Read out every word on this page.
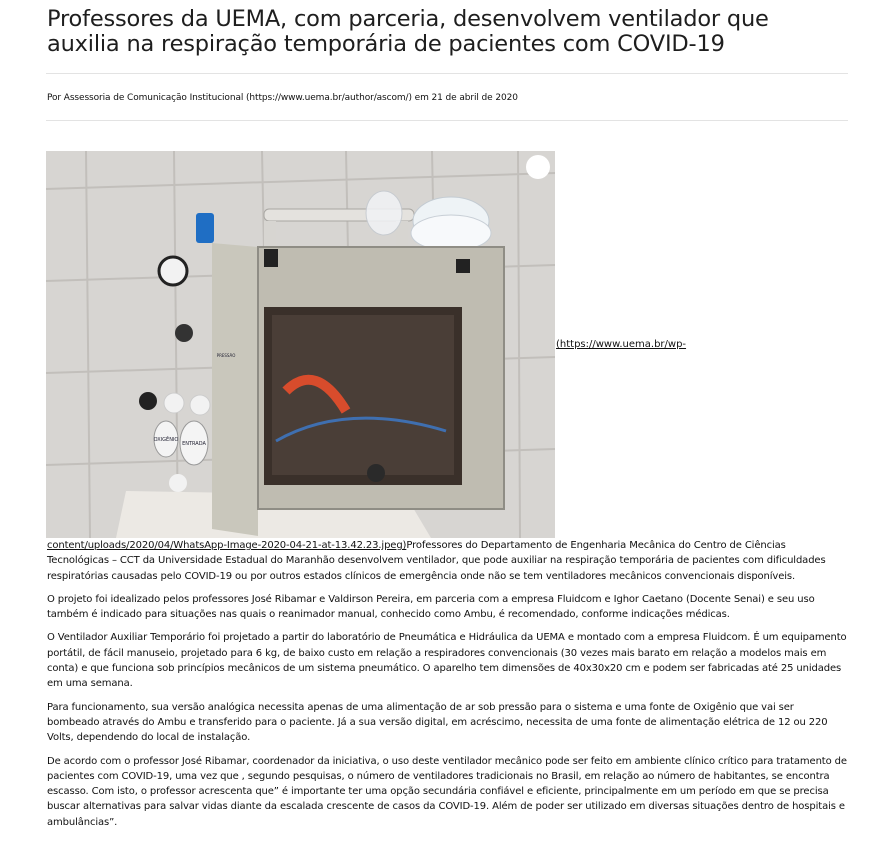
Professores da UEMA, com parceria, desenvolvem ventilador que auxilia na respiração temporária de pacientes com COVID-19

Por Assessoria de Comunicação Institucional (https://www.uema.br/author/ascom/) em 21 de abril de 2020

OXIGÊNIO
ENTRADA
PRESSÃO
(https://www.uema.br/wp-

content/uploads/2020/04/WhatsApp-Image-2020-04-21-at-13.42.23.jpeg)Professores do Departamento de Engenharia Mecânica do Centro de Ciências Tecnológicas – CCT da Universidade Estadual do Maranhão desenvolvem ventilador, que pode auxiliar na respiração temporária de pacientes com dificuldades respiratórias causadas pelo COVID-19 ou por outros estados clínicos de emergência onde não se tem ventiladores mecânicos convencionais disponíveis.

O projeto foi idealizado pelos professores José Ribamar e Valdirson Pereira, em parceria com a empresa Fluidcom e Ighor Caetano (Docente Senai) e seu uso também é indicado para situações nas quais o reanimador manual, conhecido como Ambu, é recomendado, conforme indicações médicas.

O Ventilador Auxiliar Temporário foi projetado a partir do laboratório de Pneumática e Hidráulica da UEMA e montado com a empresa Fluidcom. É um equipamento portátil, de fácil manuseio, projetado para 6 kg, de baixo custo em relação a respiradores convencionais (30 vezes mais barato em relação a modelos mais em conta) e que funciona sob princípios mecânicos de um sistema pneumático. O aparelho tem dimensões de 40x30x20 cm e podem ser fabricadas até 25 unidades em uma semana.

Para funcionamento, sua versão analógica necessita apenas de uma alimentação de ar sob pressão para o sistema e uma fonte de Oxigênio que vai ser bombeado através do Ambu e transferido para o paciente. Já a sua versão digital, em acréscimo, necessita de uma fonte de alimentação elétrica de 12 ou 220 Volts, dependendo do local de instalação.

De acordo com o professor José Ribamar, coordenador da iniciativa, o uso deste ventilador mecânico pode ser feito em ambiente clínico crítico para tratamento de pacientes com COVID-19, uma vez que , segundo pesquisas, o número de ventiladores tradicionais no Brasil, em relação ao número de habitantes, se encontra escasso. Com isto, o professor acrescenta que” é importante ter uma opção secundária confiável e eficiente, principalmente em um período em que se precisa buscar alternativas para salvar vidas diante da escalada crescente de casos da COVID-19. Além de poder ser utilizado em diversas situações dentro de hospitais e ambulâncias”.
